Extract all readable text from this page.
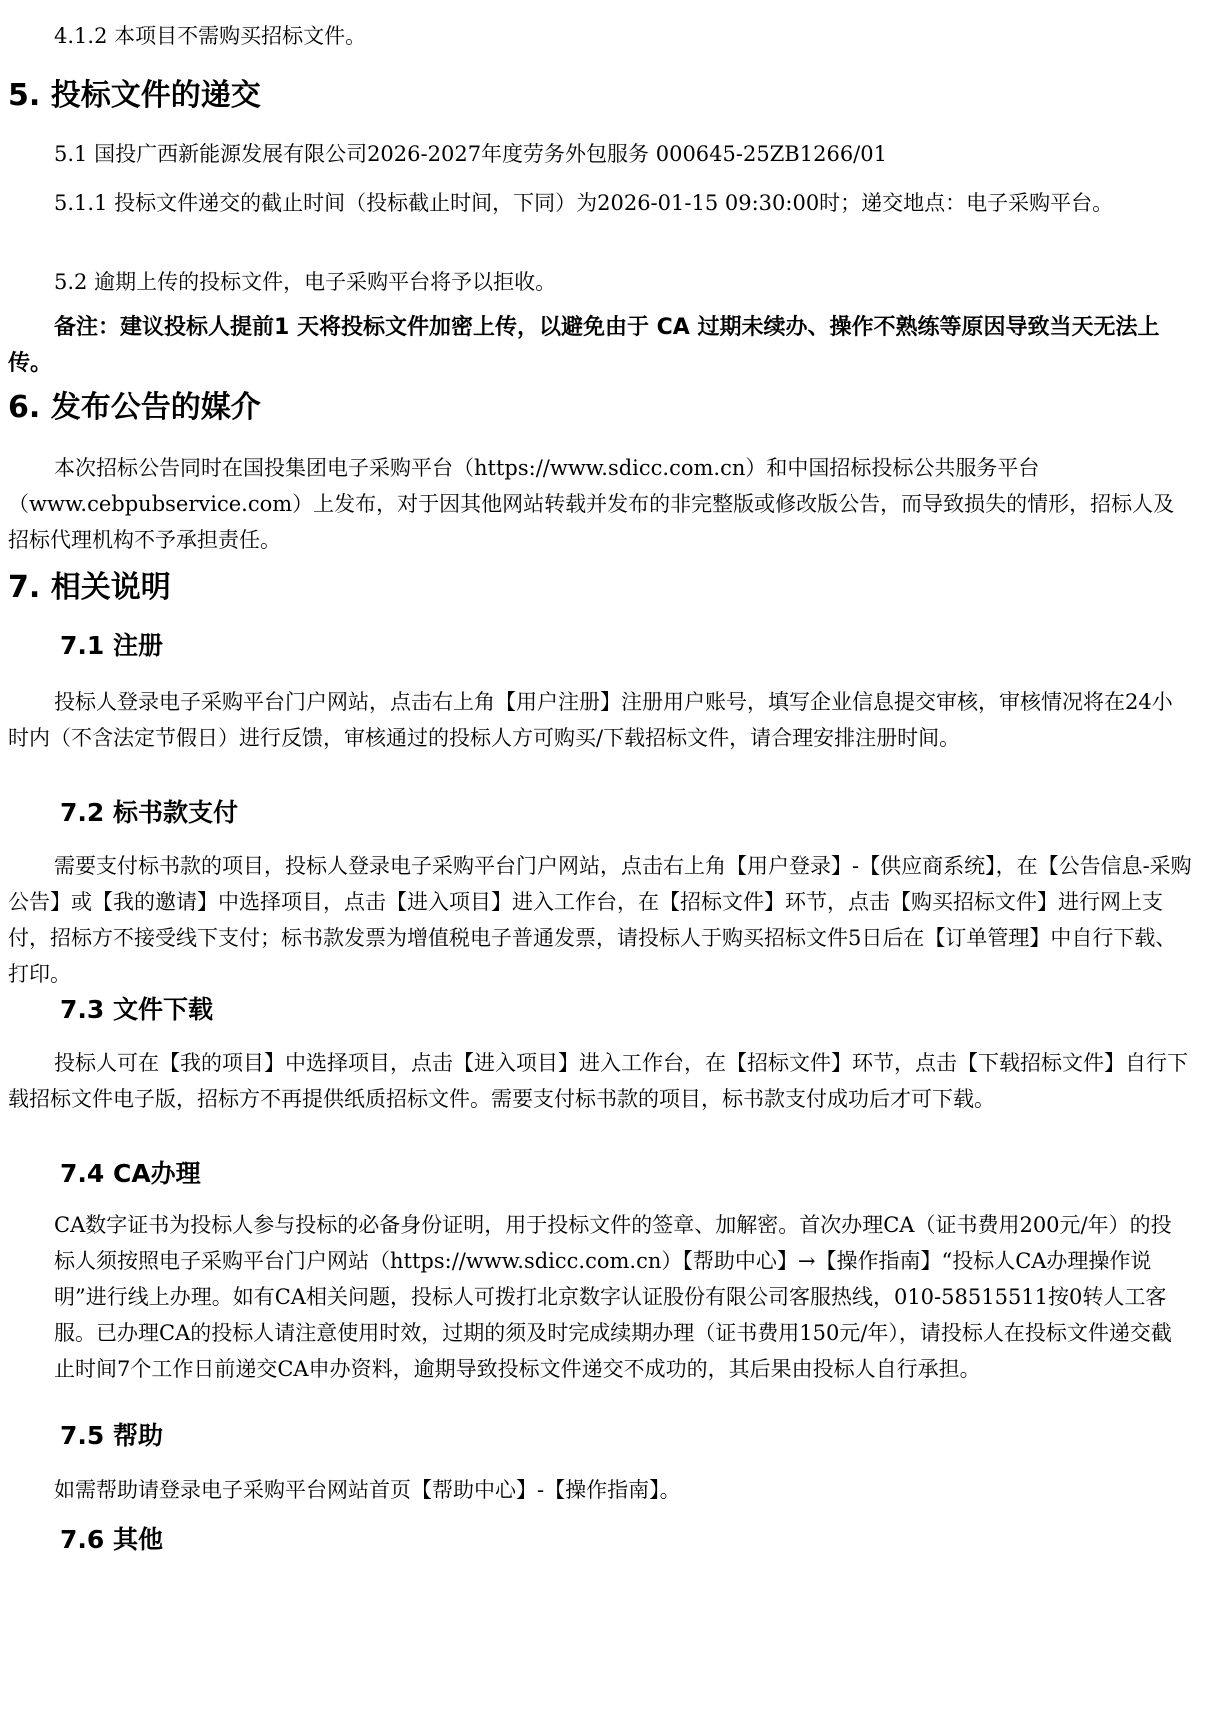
4.1.2 本项目不需购买招标文件。

5. 投标文件的递交

5.1 国投广西新能源发展有限公司2026-2027年度劳务外包服务 000645-25ZB1266/01

5.1.1 投标文件递交的截止时间（投标截止时间，下同）为2026-01-15 09:30:00时；递交地点：电子采购平台。

5.2 逾期上传的投标文件，电子采购平台将予以拒收。

备注：建议投标人提前1 天将投标文件加密上传，以避免由于 CA 过期未续办、操作不熟练等原因导致当天无法上传。

6. 发布公告的媒介

本次招标公告同时在国投集团电子采购平台（https://www.sdicc.com.cn）和中国招标投标公共服务平台（www.cebpubservice.com）上发布，对于因其他网站转载并发布的非完整版或修改版公告，而导致损失的情形，招标人及招标代理机构不予承担责任。

7. 相关说明
7.1 注册

投标人登录电子采购平台门户网站，点击右上角【用户注册】注册用户账号，填写企业信息提交审核，审核情况将在24小时内（不含法定节假日）进行反馈，审核通过的投标人方可购买/下载招标文件，请合理安排注册时间。

7.2 标书款支付

需要支付标书款的项目，投标人登录电子采购平台门户网站，点击右上角【用户登录】-【供应商系统】，在【公告信息-采购公告】或【我的邀请】中选择项目，点击【进入项目】进入工作台，在【招标文件】环节，点击【购买招标文件】进行网上支付，招标方不接受线下支付；标书款发票为增值税电子普通发票，请投标人于购买招标文件5日后在【订单管理】中自行下载、打印。

7.3 文件下载

投标人可在【我的项目】中选择项目，点击【进入项目】进入工作台，在【招标文件】环节，点击【下载招标文件】自行下载招标文件电子版，招标方不再提供纸质招标文件。需要支付标书款的项目，标书款支付成功后才可下载。

7.4 CA办理

CA数字证书为投标人参与投标的必备身份证明，用于投标文件的签章、加解密。首次办理CA（证书费用200元/年）的投标人须按照电子采购平台门户网站（https://www.sdicc.com.cn）【帮助中心】→【操作指南】“投标人CA办理操作说明”进行线上办理。如有CA相关问题，投标人可拨打北京数字认证股份有限公司客服热线，010-58515511按0转人工客服。已办理CA的投标人请注意使用时效，过期的须及时完成续期办理（证书费用150元/年），请投标人在投标文件递交截止时间7个工作日前递交CA申办资料，逾期导致投标文件递交不成功的，其后果由投标人自行承担。

7.5 帮助

如需帮助请登录电子采购平台网站首页【帮助中心】-【操作指南】。

7.6 其他
